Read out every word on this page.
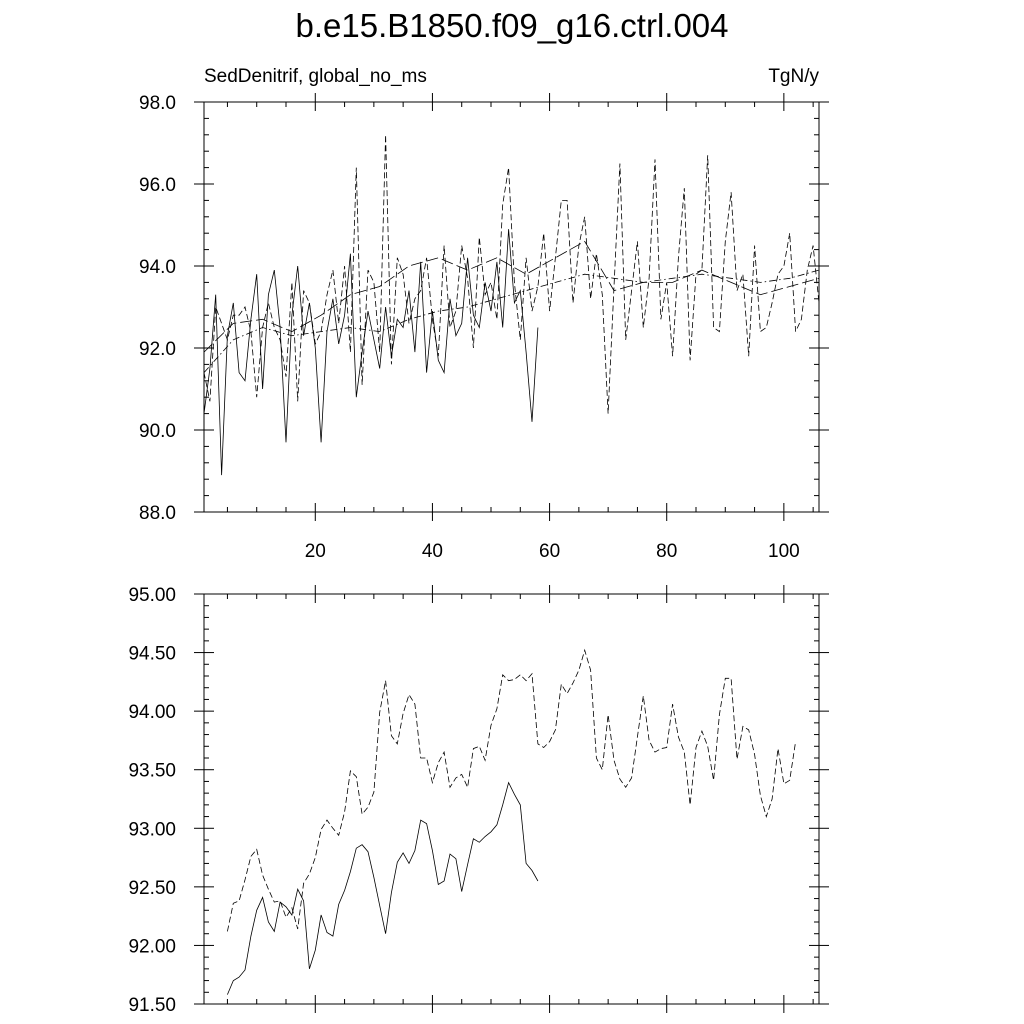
b.e15.B1850.f09_g16.ctrl.004
SedDenitrif, global_no_ms	TgN/y
20	40	60	80	100
88.0
90.0
92.0
94.0
96.0
98.0
91.50
92.00
92.50
93.00
93.50
94.00
94.50
95.00
